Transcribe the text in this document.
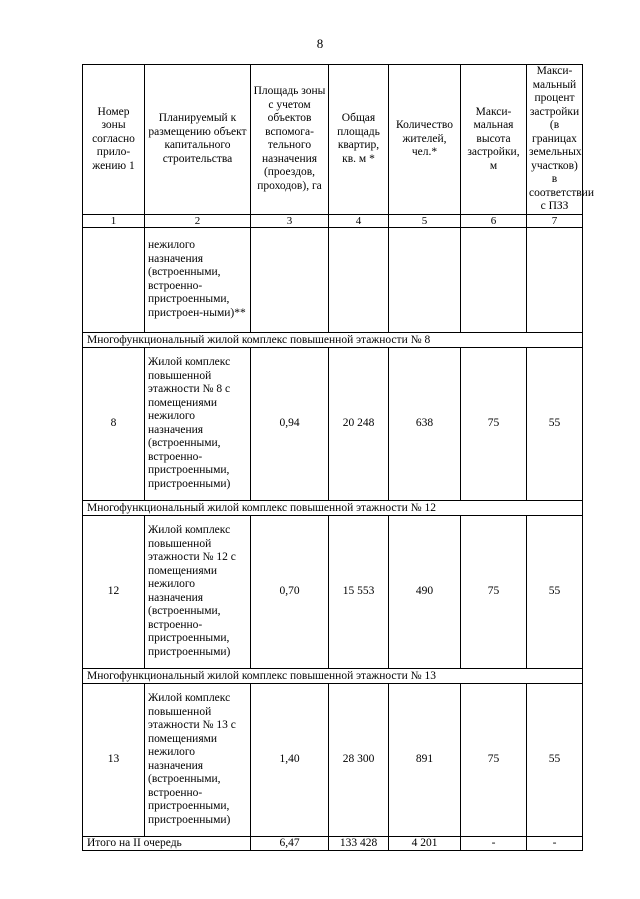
8
Номер зоны согласно прило-жению 1	Планируемый к размещению объект капитального строительства	Площадь зоны с учетом объектов вспомога-тельного назначения (проездов, проходов), га	Общая площадь квартир, кв. м *	Количество жителей, чел.*	Макси-мальная высота застройки, м	Макси-мальный процент застройки (в границах земельных участков) в соответствии с ПЗЗ
1	2	3	4	5	6	7
	нежилого назначения (встроенными, встроенно-пристроенными, пристроен-ными)**					
Многофункциональный жилой комплекс повышенной этажности № 8						
8	Жилой комплекс повышенной этажности № 8 с помещениями нежилого назначения (встроенными, встроенно-пристроенными, пристроенными)	0,94	20 248	638	75	55
Многофункциональный жилой комплекс повышенной этажности № 12						
12	Жилой комплекс повышенной этажности № 12 с помещениями нежилого назначения (встроенными, встроенно-пристроенными, пристроенными)	0,70	15 553	490	75	55
Многофункциональный жилой комплекс повышенной этажности № 13						
13	Жилой комплекс повышенной этажности № 13 с помещениями нежилого назначения (встроенными, встроенно-пристроенными, пристроенными)	1,40	28 300	891	75	55
Итого на II очередь		6,47	133 428	4 201	-	-
